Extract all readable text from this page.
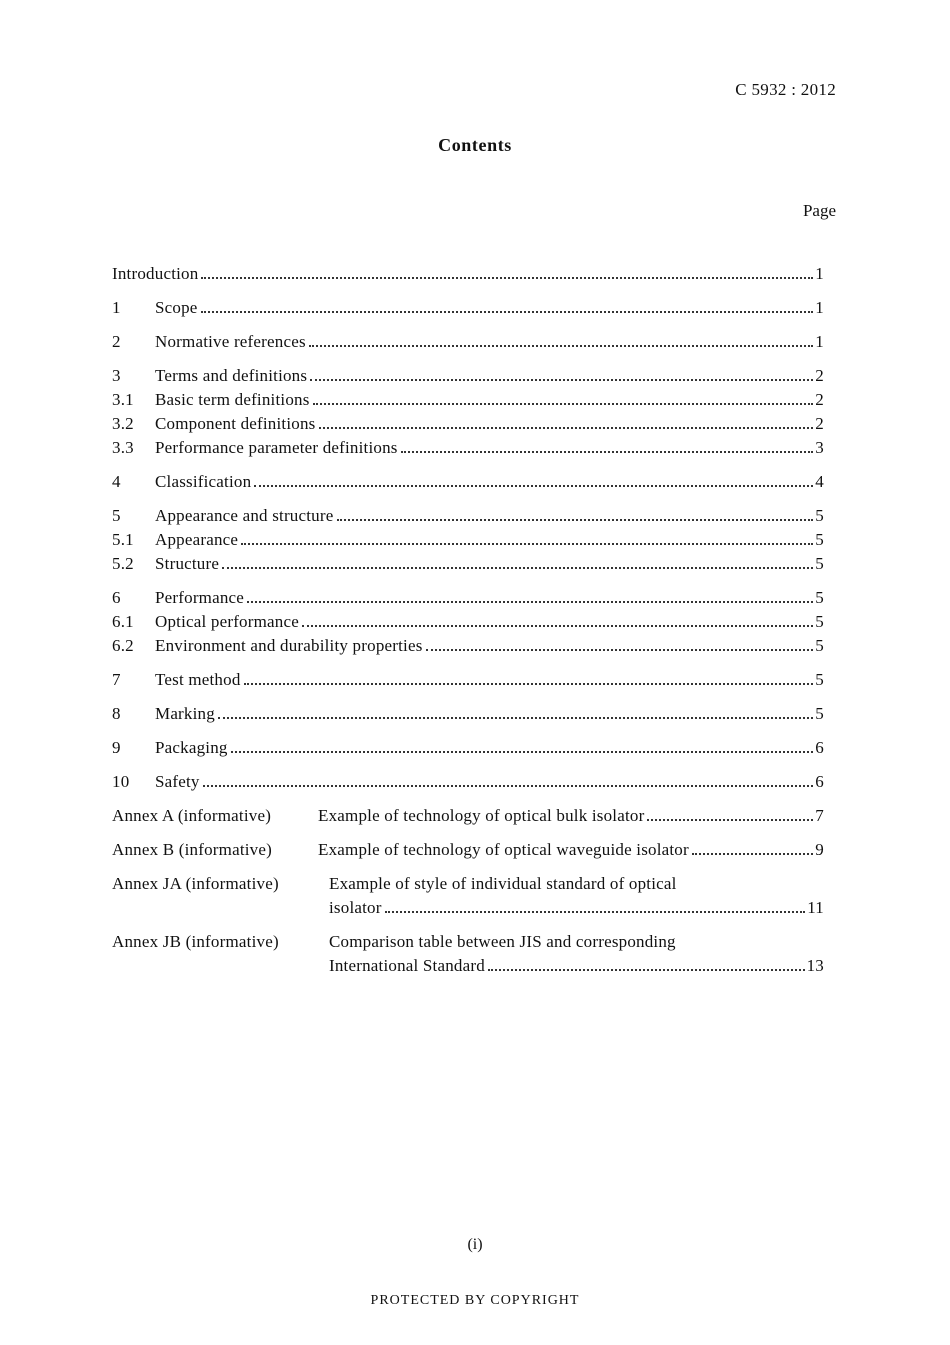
C 5932 : 2012
Contents
Page
Introduction	1
1	Scope	1
2	Normative references	1
3	Terms and definitions	2
3.1	Basic term definitions	2
3.2	Component definitions	2
3.3	Performance parameter definitions	3
4	Classification	4
5	Appearance and structure	5
5.1	Appearance	5
5.2	Structure	5
6	Performance	5
6.1	Optical performance	5
6.2	Environment and durability properties	5
7	Test method	5
8	Marking	5
9	Packaging	6
10	Safety	6
Annex A (informative)	Example of technology of optical bulk isolator	7
Annex B (informative)	Example of technology of optical waveguide isolator	9
Annex JA (informative)	Example of style of individual standard of optical
isolator	11
Annex JB (informative)	Comparison table between JIS and corresponding
International Standard	13
(i)
PROTECTED BY COPYRIGHT
